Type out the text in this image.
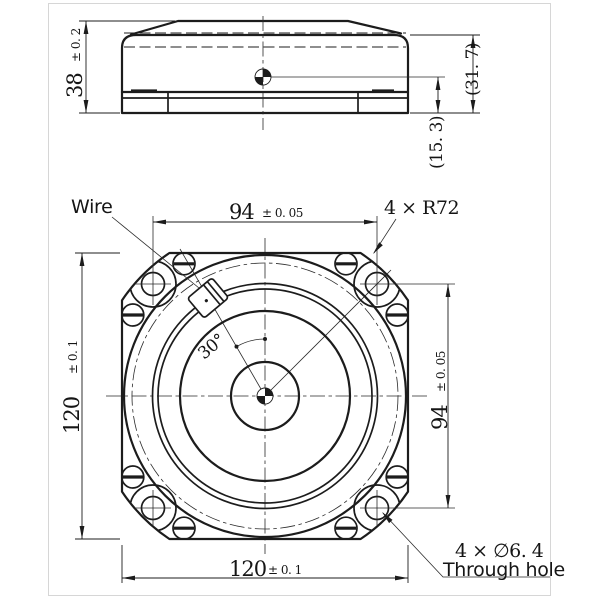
38
± 0. 2	(31. 7)
(15. 3)
30°
Wire	4 × R72
4 × ∅6. 4
Through hole
94 ± 0. 05
94
± 0. 05
120
± 0. 1
120 ± 0. 1
